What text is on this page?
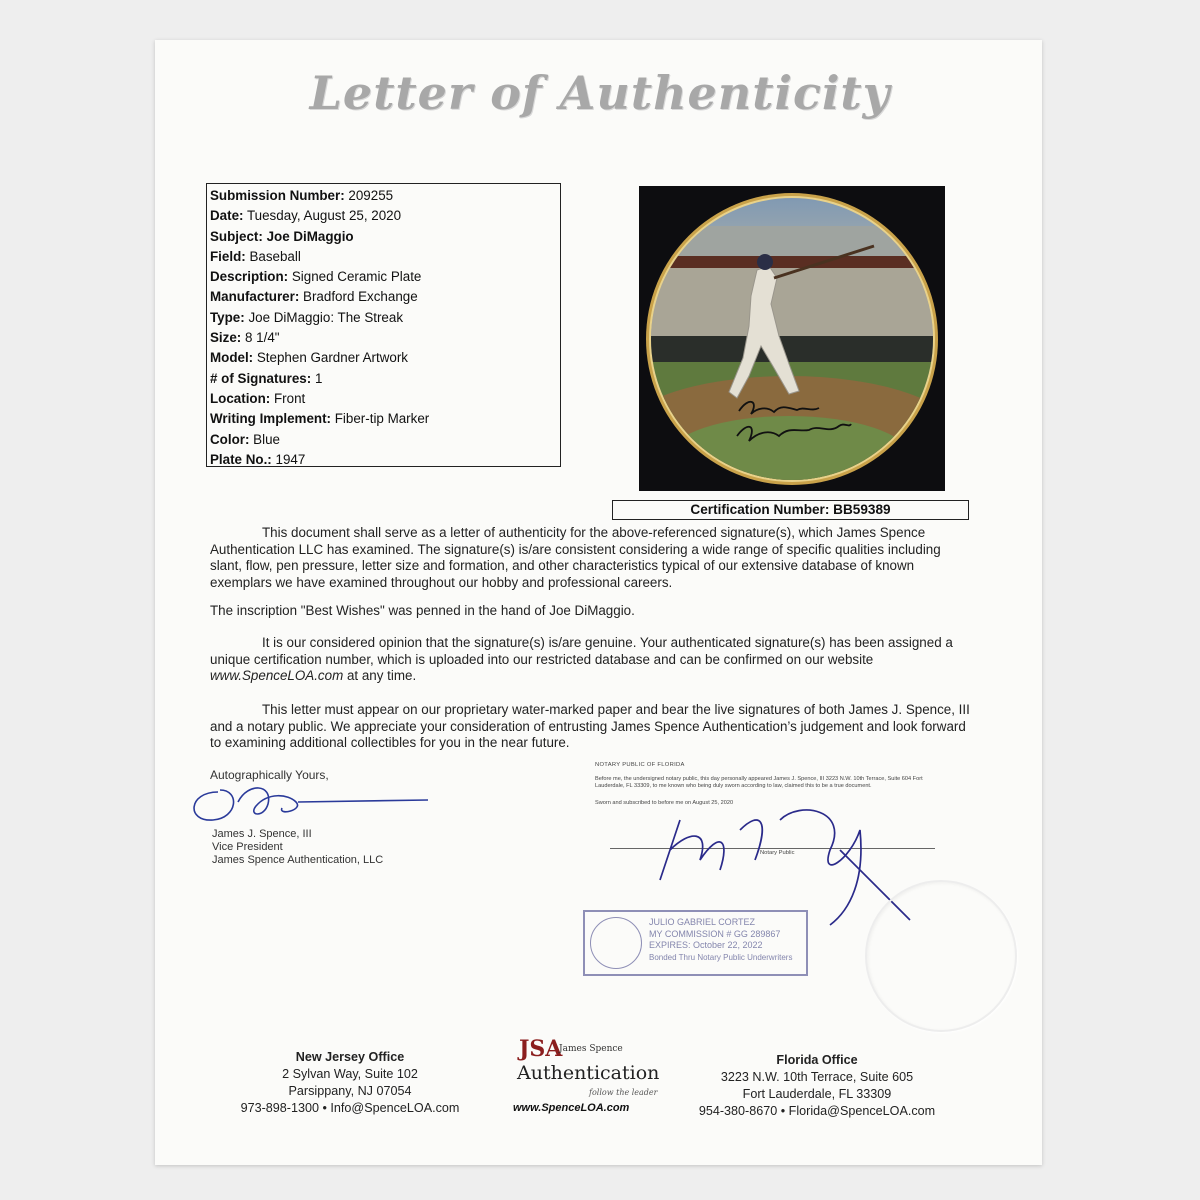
Letter of Authenticity
Submission Number: 209255
Date: Tuesday, August 25, 2020
Subject: Joe DiMaggio
Field: Baseball
Description: Signed Ceramic Plate
Manufacturer: Bradford Exchange
Type: Joe DiMaggio: The Streak
Size: 8 1/4"
Model: Stephen Gardner Artwork
# of Signatures: 1
Location: Front
Writing Implement: Fiber-tip Marker
Color: Blue
Plate No.: 1947
Certification Number: BB59389

This document shall serve as a letter of authenticity for the above-referenced signature(s), which James Spence Authentication LLC has examined. The signature(s) is/are consistent considering a wide range of specific qualities including slant, flow, pen pressure, letter size and formation, and other characteristics typical of our extensive database of known exemplars we have examined throughout our hobby and professional careers.

The inscription "Best Wishes" was penned in the hand of Joe DiMaggio.

It is our considered opinion that the signature(s) is/are genuine. Your authenticated signature(s) has been assigned a unique certification number, which is uploaded into our restricted database and can be confirmed on our website www.SpenceLOA.com at any time.

This letter must appear on our proprietary water-marked paper and bear the live signatures of both James J. Spence, III and a notary public. We appreciate your consideration of entrusting James Spence Authentication’s judgement and look forward to examining additional collectibles for you in the near future.

Autographically Yours,
James J. Spence, III
Vice President
James Spence Authentication, LLC
NOTARY PUBLIC OF FLORIDA
Before me, the undersigned notary public, this day personally appeared James J. Spence, III 3223 N.W. 10th Terrace, Suite 604 Fort Lauderdale, FL 33309, to me known who being duly sworn according to law, claimed this to be a true document.
Sworn and subscribed to before me on August 25, 2020
Notary Public
JULIO GABRIEL CORTEZ
MY COMMISSION # GG 289867
EXPIRES: October 22, 2022
Bonded Thru Notary Public Underwriters
New Jersey Office
2 Sylvan Way, Suite 102
Parsippany, NJ 07054
973-898-1300 • Info@SpenceLOA.com
Florida Office
3223 N.W. 10th Terrace, Suite 605
Fort Lauderdale, FL 33309
954-380-8670 • Florida@SpenceLOA.com
JSA
James Spence
Authentication
follow the leader
www.SpenceLOA.com
